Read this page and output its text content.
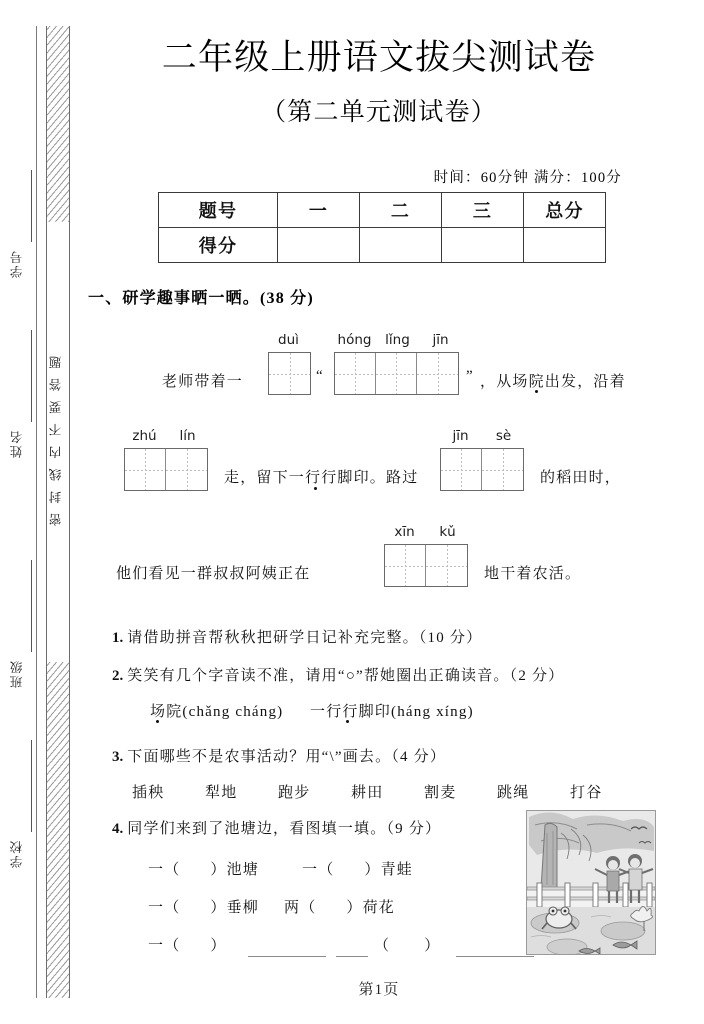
学号
姓名
班级
学校
密封线内不要答题
二年级上册语文拔尖测试卷
（第二单元测试卷）
时间：60分钟 满分：100分
题号	一	二	三	总分
得分				
一、研学趣事晒一晒。(38 分)
老师带着一
duì
“
hóng	lǐng	jīn
” ，从场院出发，沿着
zhú	lín
走，留下一行行脚印。路过
jīn	sè
的稻田时，
他们看见一群叔叔阿姨正在
xīn	kǔ
地干着农活。
1. 请借助拼音帮秋秋把研学日记补充完整。（10 分）
2. 笑笑有几个字音读不准，请用“○”帮她圈出正确读音。（2 分）
场院(chǎng cháng) 一行行脚印(háng xíng)
3. 下面哪些不是农事活动？用“\”画去。（4 分）
插秧	犁地	跑步	耕田	割麦	跳绳	打谷
4. 同学们来到了池塘边，看图填一填。（9 分）
一（ ）池塘	一（ ）青蛙
一（ ）垂柳 两（ ）荷花
一（ ）	（ ）
第1页
